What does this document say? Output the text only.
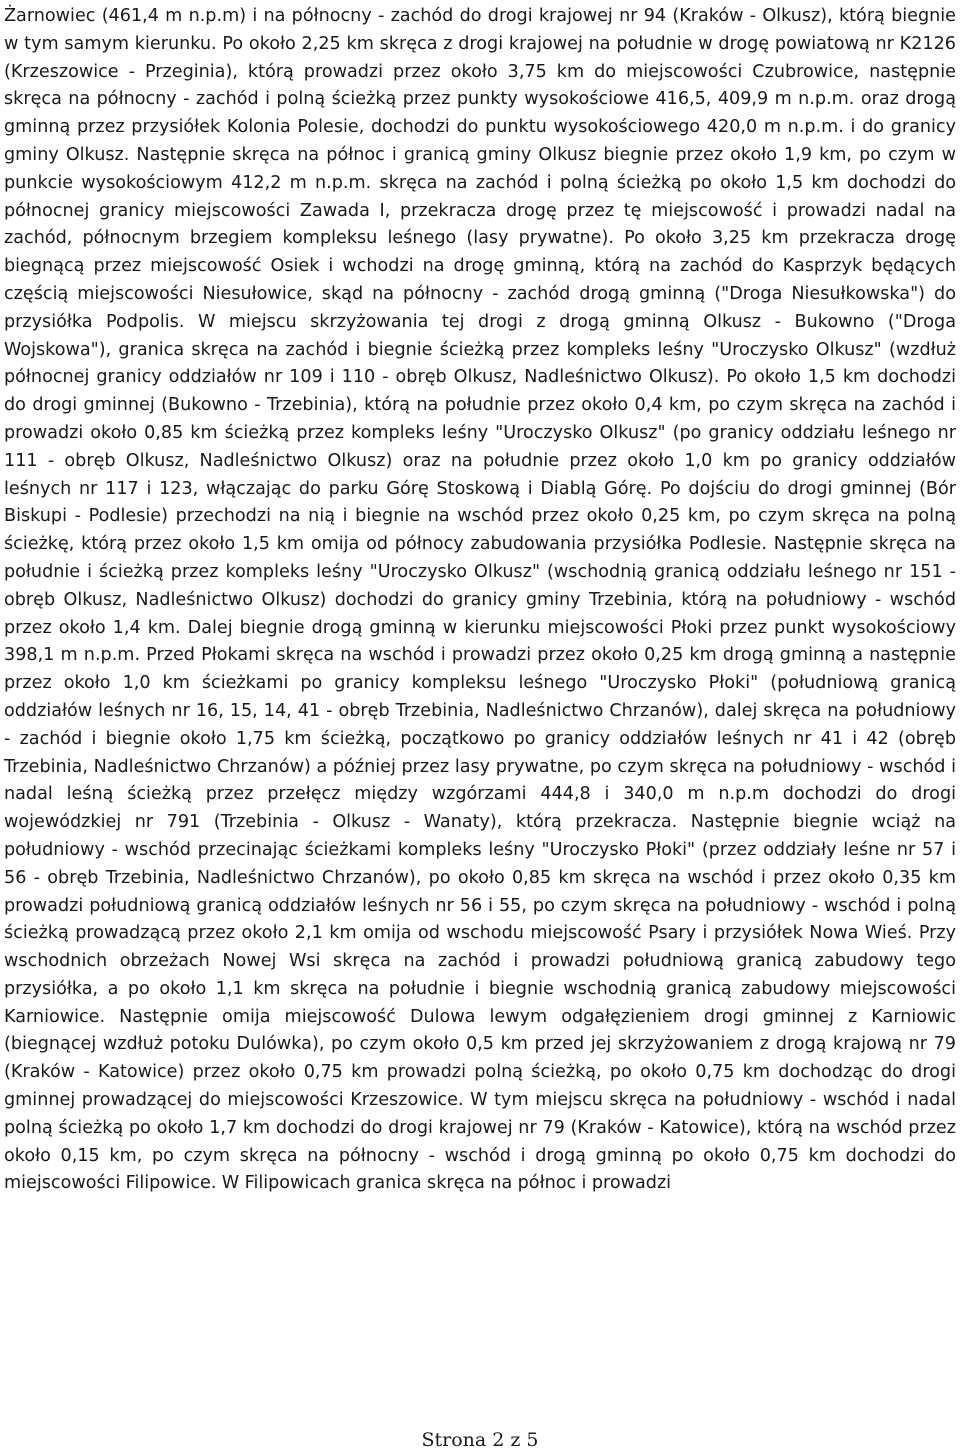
Żarnowiec (461,4 m n.p.m) i na północny - zachód do drogi krajowej nr 94 (Kraków - Olkusz), którą biegnie w tym samym kierunku. Po około 2,25 km skręca z drogi krajowej na południe w drogę powiatową nr K2126 (Krzeszowice - Przeginia), którą prowadzi przez około 3,75 km do miejscowości Czubrowice, następnie skręca na północny - zachód i polną ścieżką przez punkty wysokościowe 416,5, 409,9 m n.p.m. oraz drogą gminną przez przysiółek Kolonia Polesie, dochodzi do punktu wysokościowego 420,0 m n.p.m. i do granicy gminy Olkusz. Następnie skręca na północ i granicą gminy Olkusz biegnie przez około 1,9 km, po czym w punkcie wysokościowym 412,2 m n.p.m. skręca na zachód i polną ścieżką po około 1,5 km dochodzi do północnej granicy miejscowości Zawada I, przekracza drogę przez tę miejscowość i prowadzi nadal na zachód, północnym brzegiem kompleksu leśnego (lasy prywatne). Po około 3,25 km przekracza drogę biegnącą przez miejscowość Osiek i wchodzi na drogę gminną, którą na zachód do Kasprzyk będących częścią miejscowości Niesułowice, skąd na północny - zachód drogą gminną ("Droga Niesułkowska") do przysiółka Podpolis. W miejscu skrzyżowania tej drogi z drogą gminną Olkusz - Bukowno ("Droga Wojskowa"), granica skręca na zachód i biegnie ścieżką przez kompleks leśny "Uroczysko Olkusz" (wzdłuż północnej granicy oddziałów nr 109 i 110 - obręb Olkusz, Nadleśnictwo Olkusz). Po około 1,5 km dochodzi do drogi gminnej (Bukowno - Trzebinia), którą na południe przez około 0,4 km, po czym skręca na zachód i prowadzi około 0,85 km ścieżką przez kompleks leśny "Uroczysko Olkusz" (po granicy oddziału leśnego nr 111 - obręb Olkusz, Nadleśnictwo Olkusz) oraz na południe przez około 1,0 km po granicy oddziałów leśnych nr 117 i 123, włączając do parku Górę Stoskową i Diablą Górę. Po dojściu do drogi gminnej (Bór Biskupi - Podlesie) przechodzi na nią i biegnie na wschód przez około 0,25 km, po czym skręca na polną ścieżkę, którą przez około 1,5 km omija od północy zabudowania przysiółka Podlesie. Następnie skręca na południe i ścieżką przez kompleks leśny "Uroczysko Olkusz" (wschodnią granicą oddziału leśnego nr 151 - obręb Olkusz, Nadleśnictwo Olkusz) dochodzi do granicy gminy Trzebinia, którą na południowy - wschód przez około 1,4 km. Dalej biegnie drogą gminną w kierunku miejscowości Płoki przez punkt wysokościowy 398,1 m n.p.m. Przed Płokami skręca na wschód i prowadzi przez około 0,25 km drogą gminną a następnie przez około 1,0 km ścieżkami po granicy kompleksu leśnego "Uroczysko Płoki" (południową granicą oddziałów leśnych nr 16, 15, 14, 41 - obręb Trzebinia, Nadleśnictwo Chrzanów), dalej skręca na południowy - zachód i biegnie około 1,75 km ścieżką, początkowo po granicy oddziałów leśnych nr 41 i 42 (obręb Trzebinia, Nadleśnictwo Chrzanów) a później przez lasy prywatne, po czym skręca na południowy - wschód i nadal leśną ścieżką przez przełęcz między wzgórzami 444,8 i 340,0 m n.p.m dochodzi do drogi wojewódzkiej nr 791 (Trzebinia - Olkusz - Wanaty), którą przekracza. Następnie biegnie wciąż na południowy - wschód przecinając ścieżkami kompleks leśny "Uroczysko Płoki" (przez oddziały leśne nr 57 i 56 - obręb Trzebinia, Nadleśnictwo Chrzanów), po około 0,85 km skręca na wschód i przez około 0,35 km prowadzi południową granicą oddziałów leśnych nr 56 i 55, po czym skręca na południowy - wschód i polną ścieżką prowadzącą przez około 2,1 km omija od wschodu miejscowość Psary i przysiółek Nowa Wieś. Przy wschodnich obrzeżach Nowej Wsi skręca na zachód i prowadzi południową granicą zabudowy tego przysiółka, a po około 1,1 km skręca na południe i biegnie wschodnią granicą zabudowy miejscowości Karniowice. Następnie omija miejscowość Dulowa lewym odgałęzieniem drogi gminnej z Karniowic (biegnącej wzdłuż potoku Dulówka), po czym około 0,5 km przed jej skrzyżowaniem z drogą krajową nr 79 (Kraków - Katowice) przez około 0,75 km prowadzi polną ścieżką, po około 0,75 km dochodząc do drogi gminnej prowadzącej do miejscowości Krzeszowice. W tym miejscu skręca na południowy - wschód i nadal polną ścieżką po około 1,7 km dochodzi do drogi krajowej nr 79 (Kraków - Katowice), którą na wschód przez około 0,15 km, po czym skręca na północny - wschód i drogą gminną po około 0,75 km dochodzi do miejscowości Filipowice. W Filipowicach granica skręca na północ i prowadzi

Strona 2 z 5
